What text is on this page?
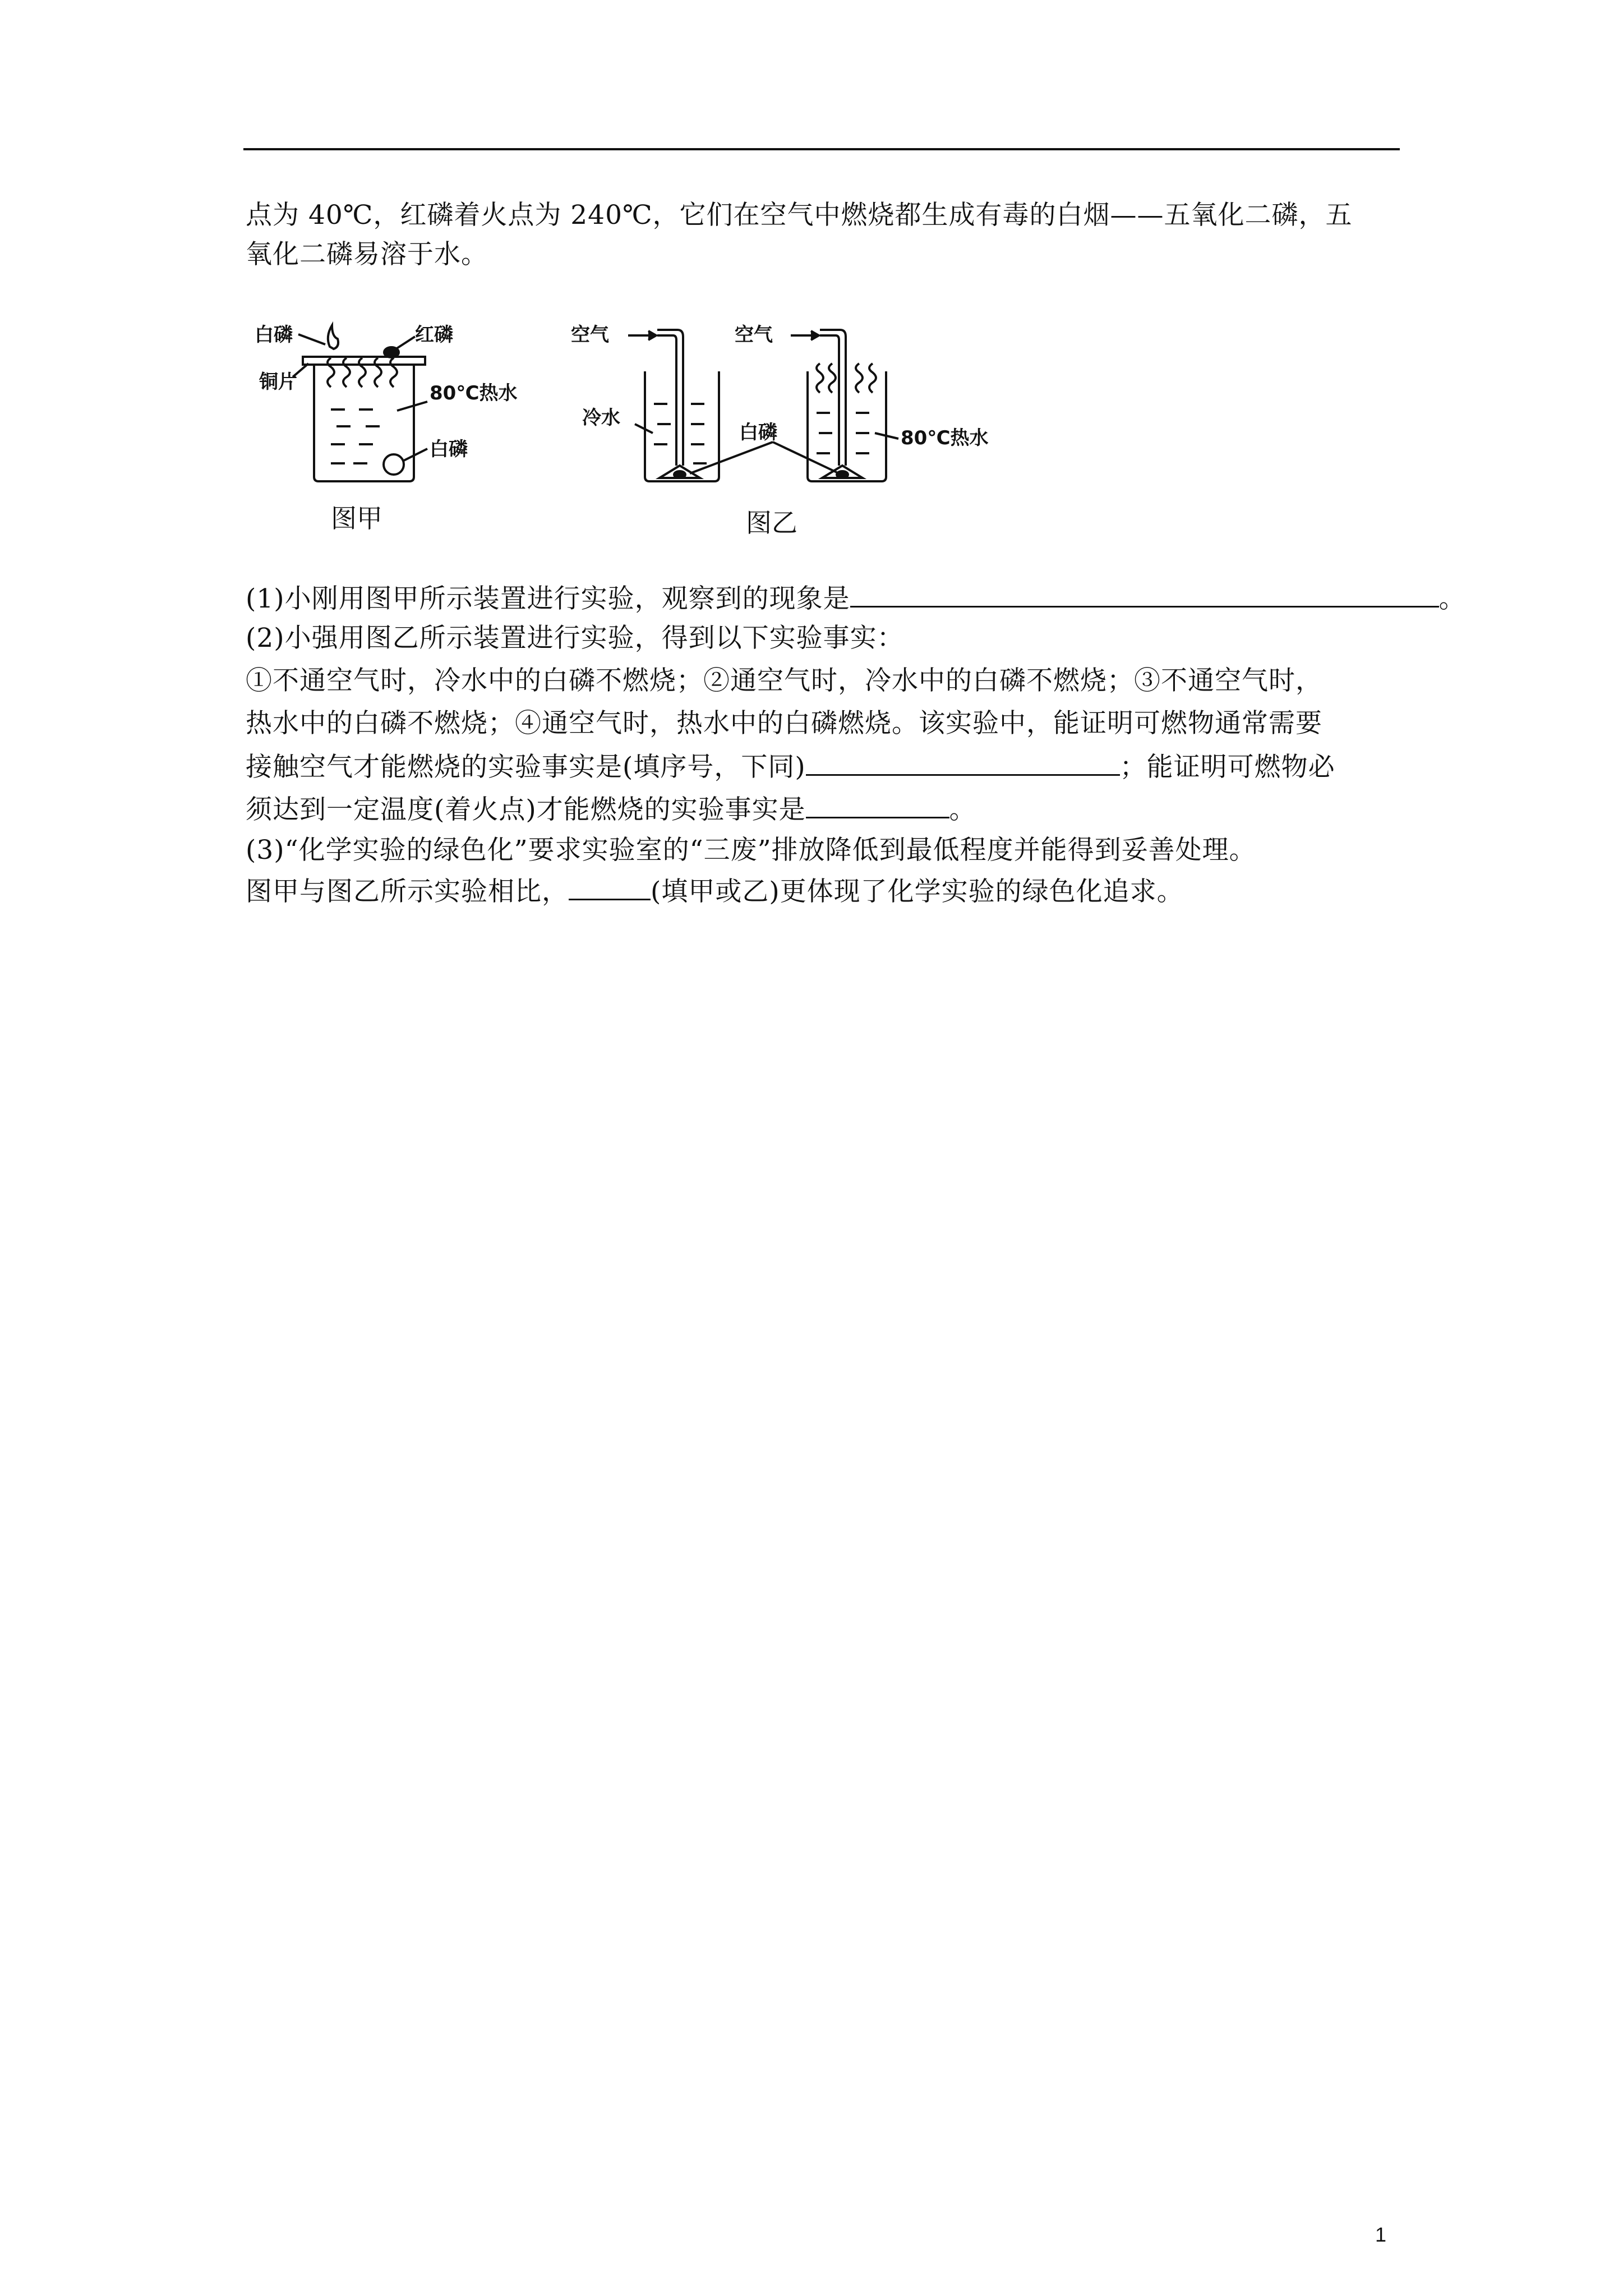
点为 40℃，红磷着火点为 240℃，它们在空气中燃烧都生成有毒的白烟——五氧化二磷，五
氧化二磷易溶于水。
白磷	红磷
铜片	80℃热水
白磷
图甲
空气
冷水
空气
白磷	80℃热水
图乙
(1)小刚用图甲所示装置进行实验，观察到的现象是	。
(2)小强用图乙所示装置进行实验，得到以下实验事实：
①不通空气时，冷水中的白磷不燃烧；②通空气时，冷水中的白磷不燃烧；③不通空气时，
热水中的白磷不燃烧；④通空气时，热水中的白磷燃烧。该实验中，能证明可燃物通常需要
接触空气才能燃烧的实验事实是(填序号，下同)	；能证明可燃物必
须达到一定温度(着火点)才能燃烧的实验事实是	。
(3)“化学实验的绿色化”要求实验室的“三废”排放降低到最低程度并能得到妥善处理。
图甲与图乙所示实验相比，	(填甲或乙)更体现了化学实验的绿色化追求。
1
